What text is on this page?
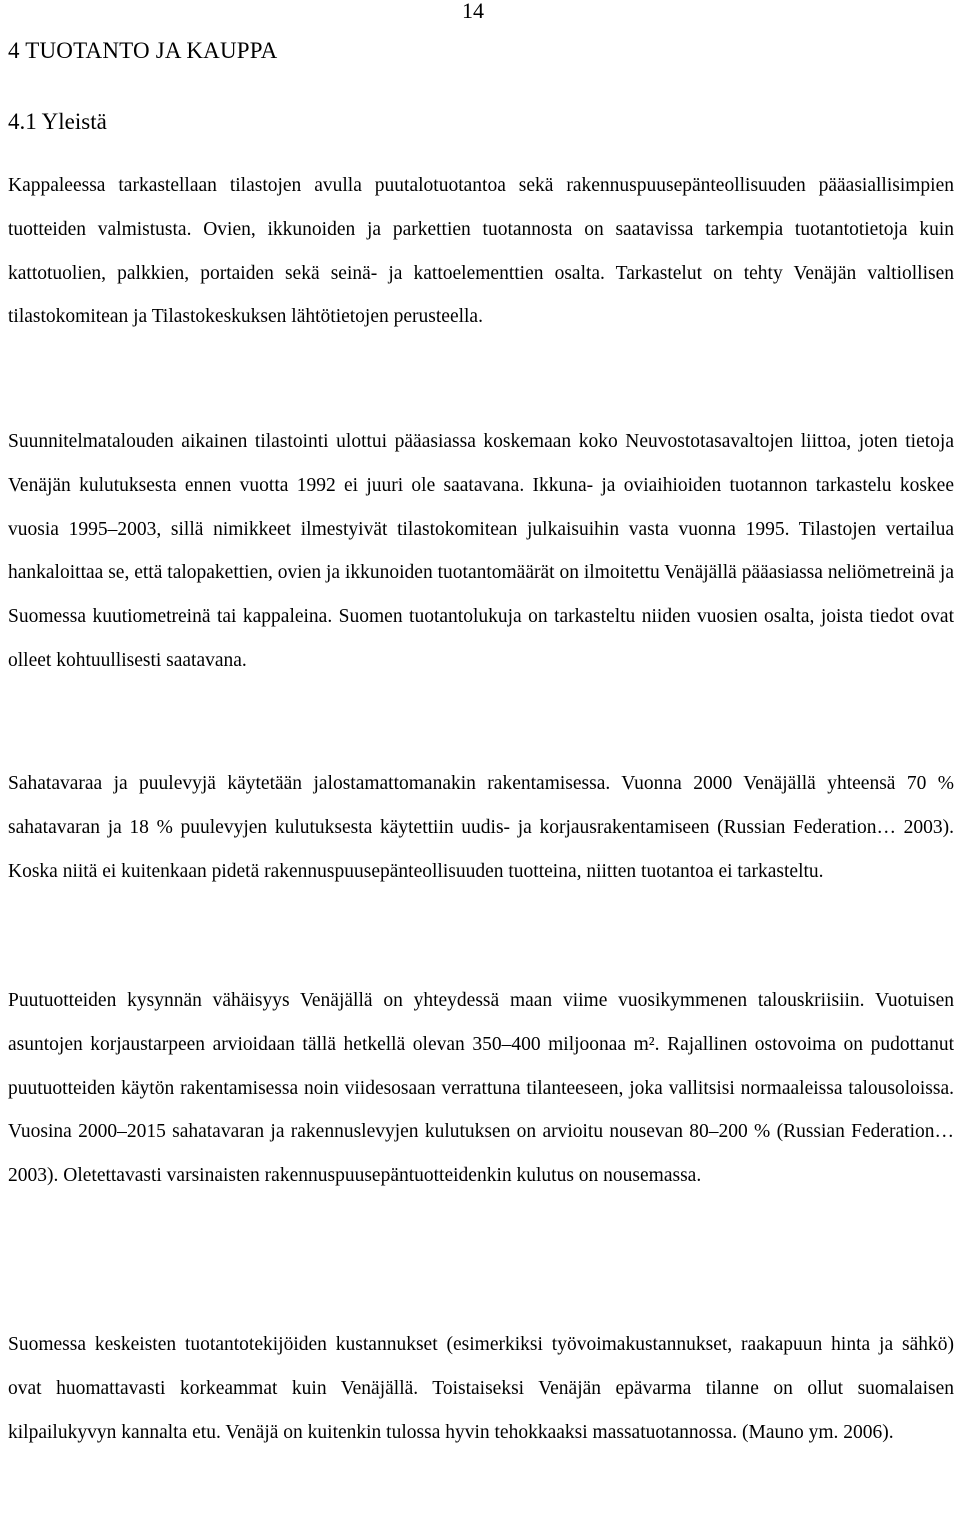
14
4 TUOTANTO JA KAUPPA
4.1 Yleistä

Kappaleessa tarkastellaan tilastojen avulla puutalotuotantoa sekä rakennuspuusepänteollisuuden pääasiallisimpien tuotteiden valmistusta. Ovien, ikkunoiden ja parkettien tuotannosta on saatavissa tarkempia tuotantotietoja kuin kattotuolien, palkkien, portaiden sekä seinä- ja kattoelementtien osalta. Tarkastelut on tehty Venäjän valtiollisen tilastokomitean ja Tilastokeskuksen lähtötietojen perusteella.

Suunnitelmatalouden aikainen tilastointi ulottui pääasiassa koskemaan koko Neuvostotasavaltojen liittoa, joten tietoja Venäjän kulutuksesta ennen vuotta 1992 ei juuri ole saatavana. Ikkuna- ja oviaihioiden tuotannon tarkastelu koskee vuosia 1995–2003, sillä nimikkeet ilmestyivät tilastokomitean julkaisuihin vasta vuonna 1995. Tilastojen vertailua hankaloittaa se, että talopakettien, ovien ja ikkunoiden tuotantomäärät on ilmoitettu Venäjällä pääasiassa neliömetreinä ja Suomessa kuutiometreinä tai kappaleina. Suomen tuotantolukuja on tarkasteltu niiden vuosien osalta, joista tiedot ovat olleet kohtuullisesti saatavana.

Sahatavaraa ja puulevyjä käytetään jalostamattomanakin rakentamisessa. Vuonna 2000 Venäjällä yhteensä 70 % sahatavaran ja 18 % puulevyjen kulutuksesta käytettiin uudis- ja korjausrakentamiseen (Russian Federation… 2003). Koska niitä ei kuitenkaan pidetä rakennuspuusepänteollisuuden tuotteina, niitten tuotantoa ei tarkasteltu.

Puutuotteiden kysynnän vähäisyys Venäjällä on yhteydessä maan viime vuosikymmenen talouskriisiin. Vuotuisen asuntojen korjaustarpeen arvioidaan tällä hetkellä olevan 350–400 miljoonaa m². Rajallinen ostovoima on pudottanut puutuotteiden käytön rakentamisessa noin viidesosaan verrattuna tilanteeseen, joka vallitsisi normaaleissa talousoloissa. Vuosina 2000–2015 sahatavaran ja rakennuslevyjen kulutuksen on arvioitu nousevan 80–200 % (Russian Federation… 2003). Oletettavasti varsinaisten rakennuspuusepäntuotteidenkin kulutus on nousemassa.

Suomessa keskeisten tuotantotekijöiden kustannukset (esimerkiksi työvoimakustannukset, raakapuun hinta ja sähkö) ovat huomattavasti korkeammat kuin Venäjällä. Toistaiseksi Venäjän epävarma tilanne on ollut suomalaisen kilpailukyvyn kannalta etu. Venäjä on kuitenkin tulossa hyvin tehokkaaksi massatuotannossa. (Mauno ym. 2006).
